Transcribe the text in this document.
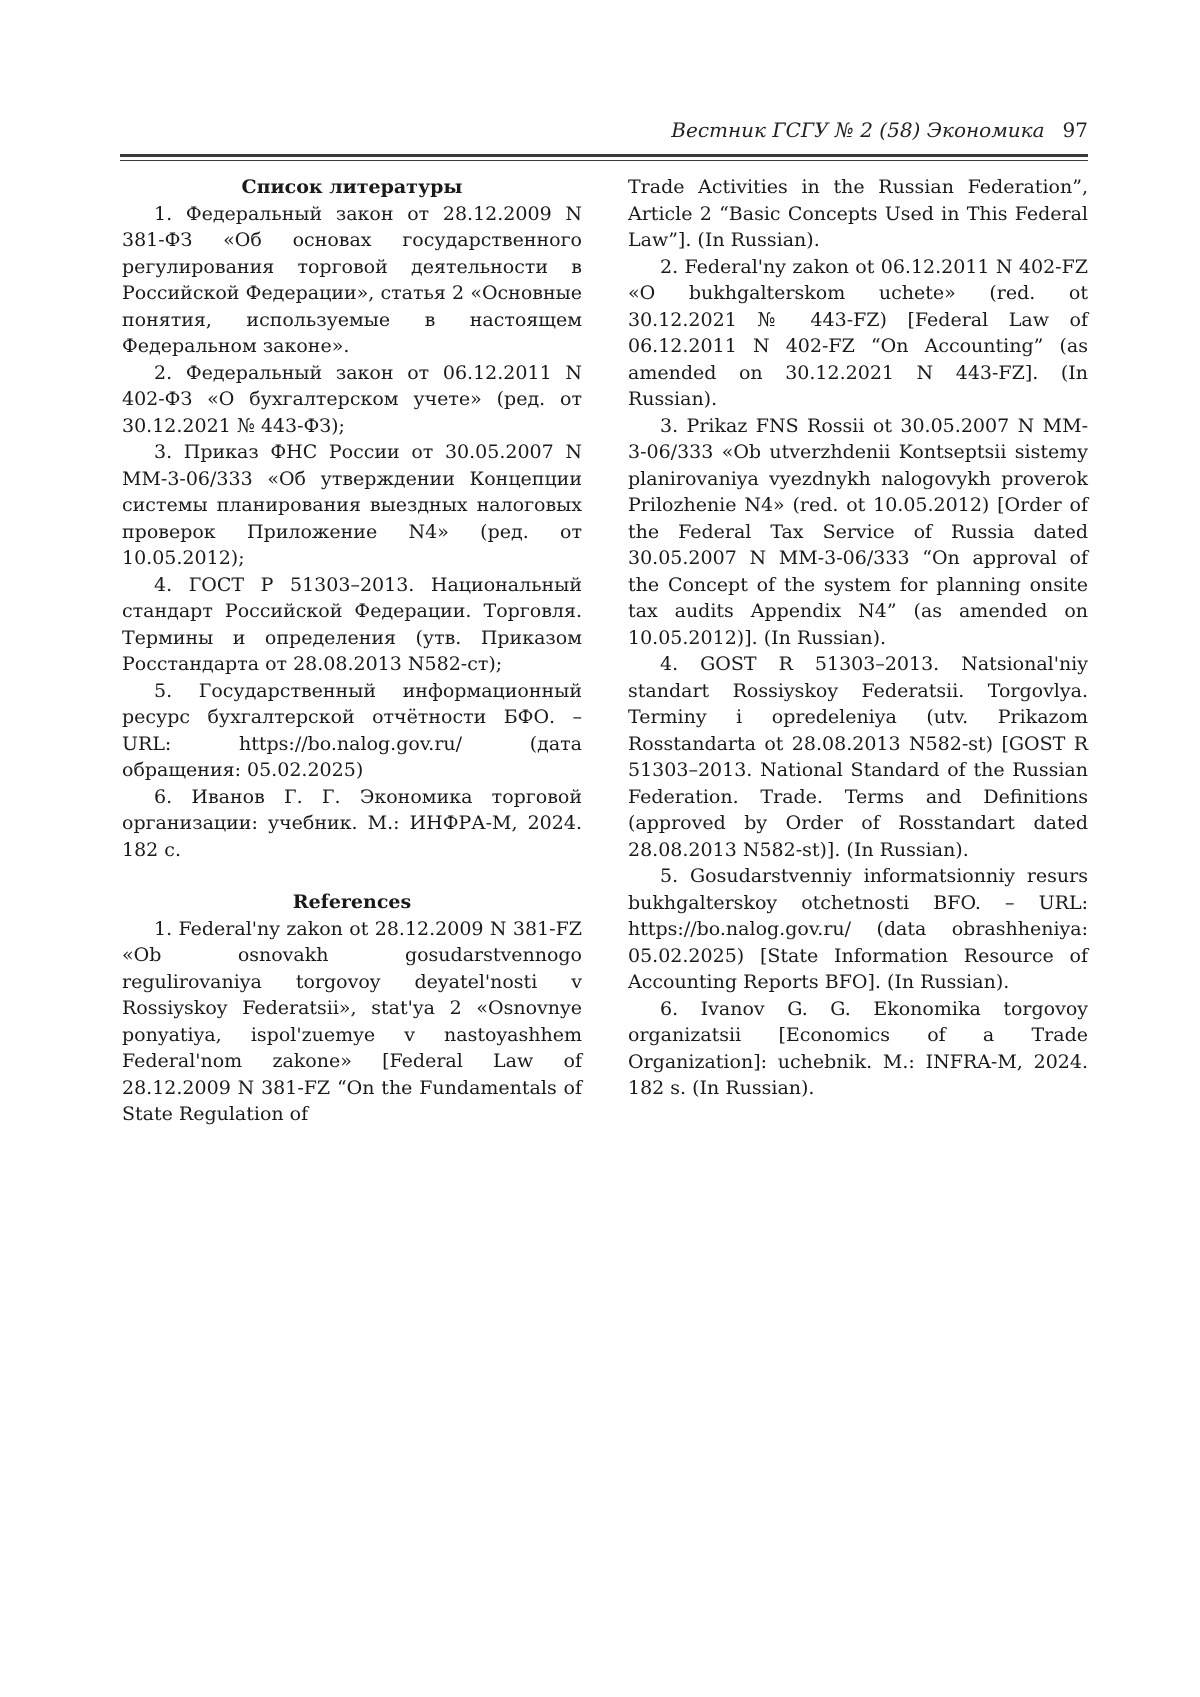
Вестник ГСГУ № 2 (58) Экономика 97

Список литературы

1. Федеральный закон от 28.12.2009 N 381-ФЗ «Об основах государственного регулирования торговой деятельности в Российской Федерации», статья 2 «Основные понятия, используемые в настоящем Федеральном законе».

2. Федеральный закон от 06.12.2011 N 402-ФЗ «О бухгалтерском учете» (ред. от 30.12.2021 № 443-ФЗ);

3. Приказ ФНС России от 30.05.2007 N ММ-3-06/333 «Об утверждении Концепции системы планирования выездных налоговых проверок Приложение N4» (ред. от 10.05.2012);

4. ГОСТ Р 51303–2013. Национальный стандарт Российской Федерации. Торговля. Термины и определения (утв. Приказом Росстандарта от 28.08.2013 N582-ст);

5. Государственный информационный ресурс бухгалтерской отчётности БФО. – URL: https://bo.nalog.gov.ru/ (дата обращения: 05.02.2025)

6. Иванов Г. Г. Экономика торговой организации: учебник. М.: ИНФРА-М, 2024. 182 с.

References

1. Federal'ny zakon ot 28.12.2009 N 381-FZ «Ob osnovakh gosudarstvennogo regulirovaniya torgovoy deyatel'nosti v Rossiyskoy Federatsii», stat'ya 2 «Osnovnye ponyatiya, ispol'zuemye v nastoyashhem Federal'nom zakone» [Federal Law of 28.12.2009 N 381-FZ “On the Fundamentals of State Regulation of

Trade Activities in the Russian Federation”, Article 2 “Basic Concepts Used in This Federal Law”]. (In Russian).

2. Federal'ny zakon ot 06.12.2011 N 402-FZ «O bukhgalterskom uchete» (red. ot 30.12.2021 № 443-FZ) [Federal Law of 06.12.2011 N 402-FZ “On Accounting” (as amended on 30.12.2021 N 443-FZ]. (In Russian).

3. Prikaz FNS Rossii ot 30.05.2007 N MM-3-06/333 «Ob utverzhdenii Kontseptsii sistemy planirovaniya vyezdnykh nalogovykh proverok Prilozhenie N4» (red. ot 10.05.2012) [Order of the Federal Tax Service of Russia dated 30.05.2007 N MM-3-06/333 “On approval of the Concept of the system for planning onsite tax audits Appendix N4” (as amended on 10.05.2012)]. (In Russian).

4. GOST R 51303–2013. Natsional'niy standart Rossiyskoy Federatsii. Torgovlya. Terminy i opredeleniya (utv. Prikazom Rosstandarta ot 28.08.2013 N582-st) [GOST R 51303–2013. National Standard of the Russian Federation. Trade. Terms and Definitions (approved by Order of Rosstandart dated 28.08.2013 N582-st)]. (In Russian).

5. Gosudarstvenniy informatsionniy resurs bukhgalterskoy otchetnosti BFO. – URL: https://bo.nalog.gov.ru/ (data obrashheniya: 05.02.2025) [State Information Resource of Accounting Reports BFO]. (In Russian).

6. Ivanov G. G. Ekonomika torgovoy organizatsii [Economics of a Trade Organization]: uchebnik. M.: INFRA-M, 2024. 182 s. (In Russian).
